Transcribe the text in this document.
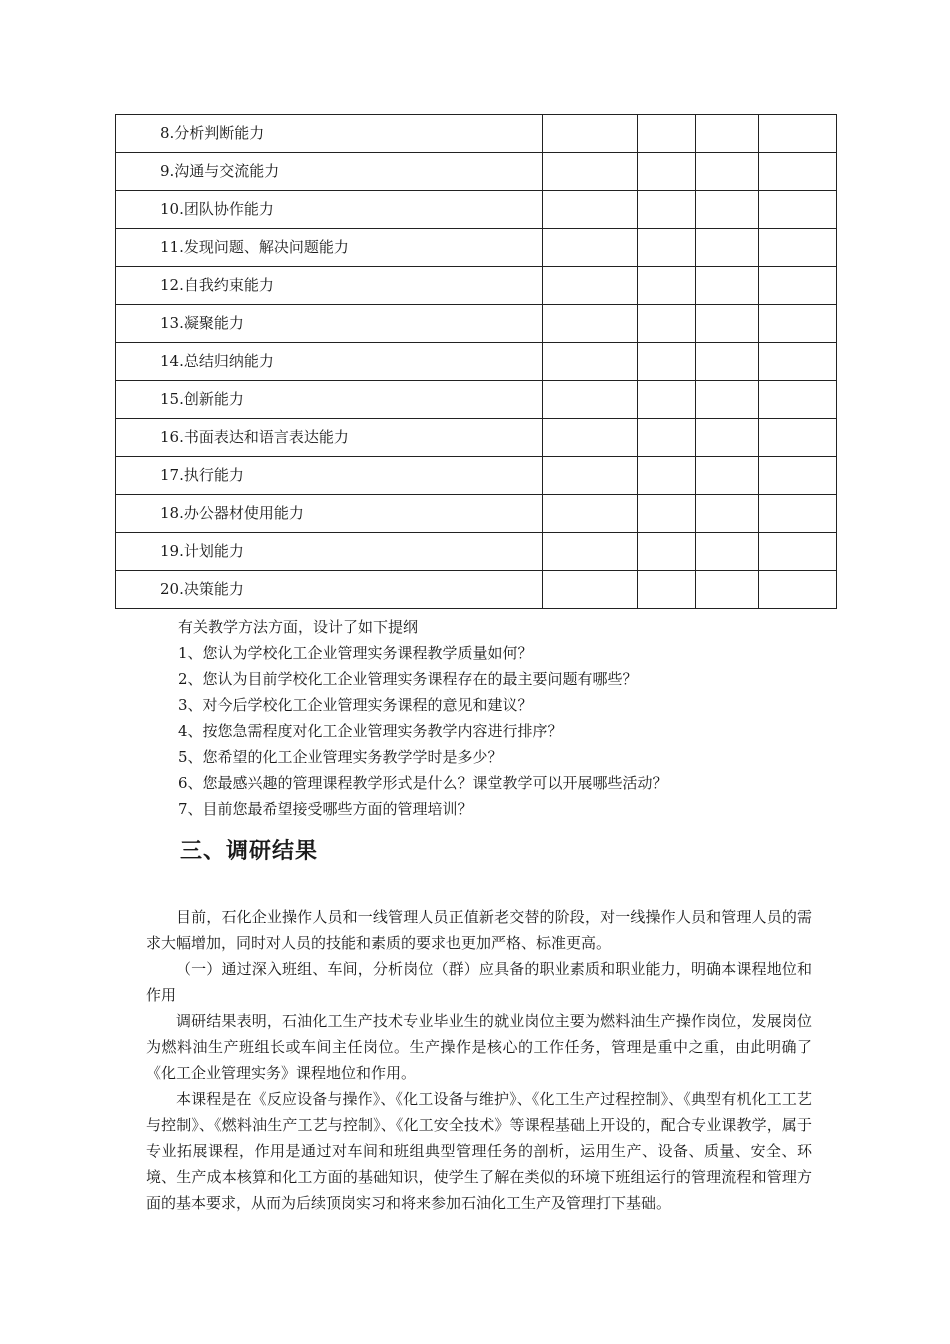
8.分析判断能力				
9.沟通与交流能力				
10.团队协作能力				
11.发现问题、解决问题能力				
12.自我约束能力				
13.凝聚能力				
14.总结归纳能力				
15.创新能力				
16.书面表达和语言表达能力				
17.执行能力				
18.办公器材使用能力				
19.计划能力				
20.决策能力				
有关教学方法方面，设计了如下提纲
1、您认为学校化工企业管理实务课程教学质量如何？
2、您认为目前学校化工企业管理实务课程存在的最主要问题有哪些？
3、对今后学校化工企业管理实务课程的意见和建议？
4、按您急需程度对化工企业管理实务教学内容进行排序？
5、您希望的化工企业管理实务教学学时是多少？
6、您最感兴趣的管理课程教学形式是什么？课堂教学可以开展哪些活动？
7、目前您最希望接受哪些方面的管理培训？
三、调研结果

目前，石化企业操作人员和一线管理人员正值新老交替的阶段，对一线操作人员和管理人员的需求大幅增加，同时对人员的技能和素质的要求也更加严格、标准更高。

（一）通过深入班组、车间，分析岗位（群）应具备的职业素质和职业能力，明确本课程地位和作用

调研结果表明，石油化工生产技术专业毕业生的就业岗位主要为燃料油生产操作岗位，发展岗位为燃料油生产班组长或车间主任岗位。生产操作是核心的工作任务，管理是重中之重，由此明确了《化工企业管理实务》课程地位和作用。

本课程是在《反应设备与操作》、《化工设备与维护》、《化工生产过程控制》、《典型有机化工工艺与控制》、《燃料油生产工艺与控制》、《化工安全技术》等课程基础上开设的，配合专业课教学，属于专业拓展课程，作用是通过对车间和班组典型管理任务的剖析，运用生产、设备、质量、安全、环境、生产成本核算和化工方面的基础知识，使学生了解在类似的环境下班组运行的管理流程和管理方面的基本要求，从而为后续顶岗实习和将来参加石油化工生产及管理打下基础。
